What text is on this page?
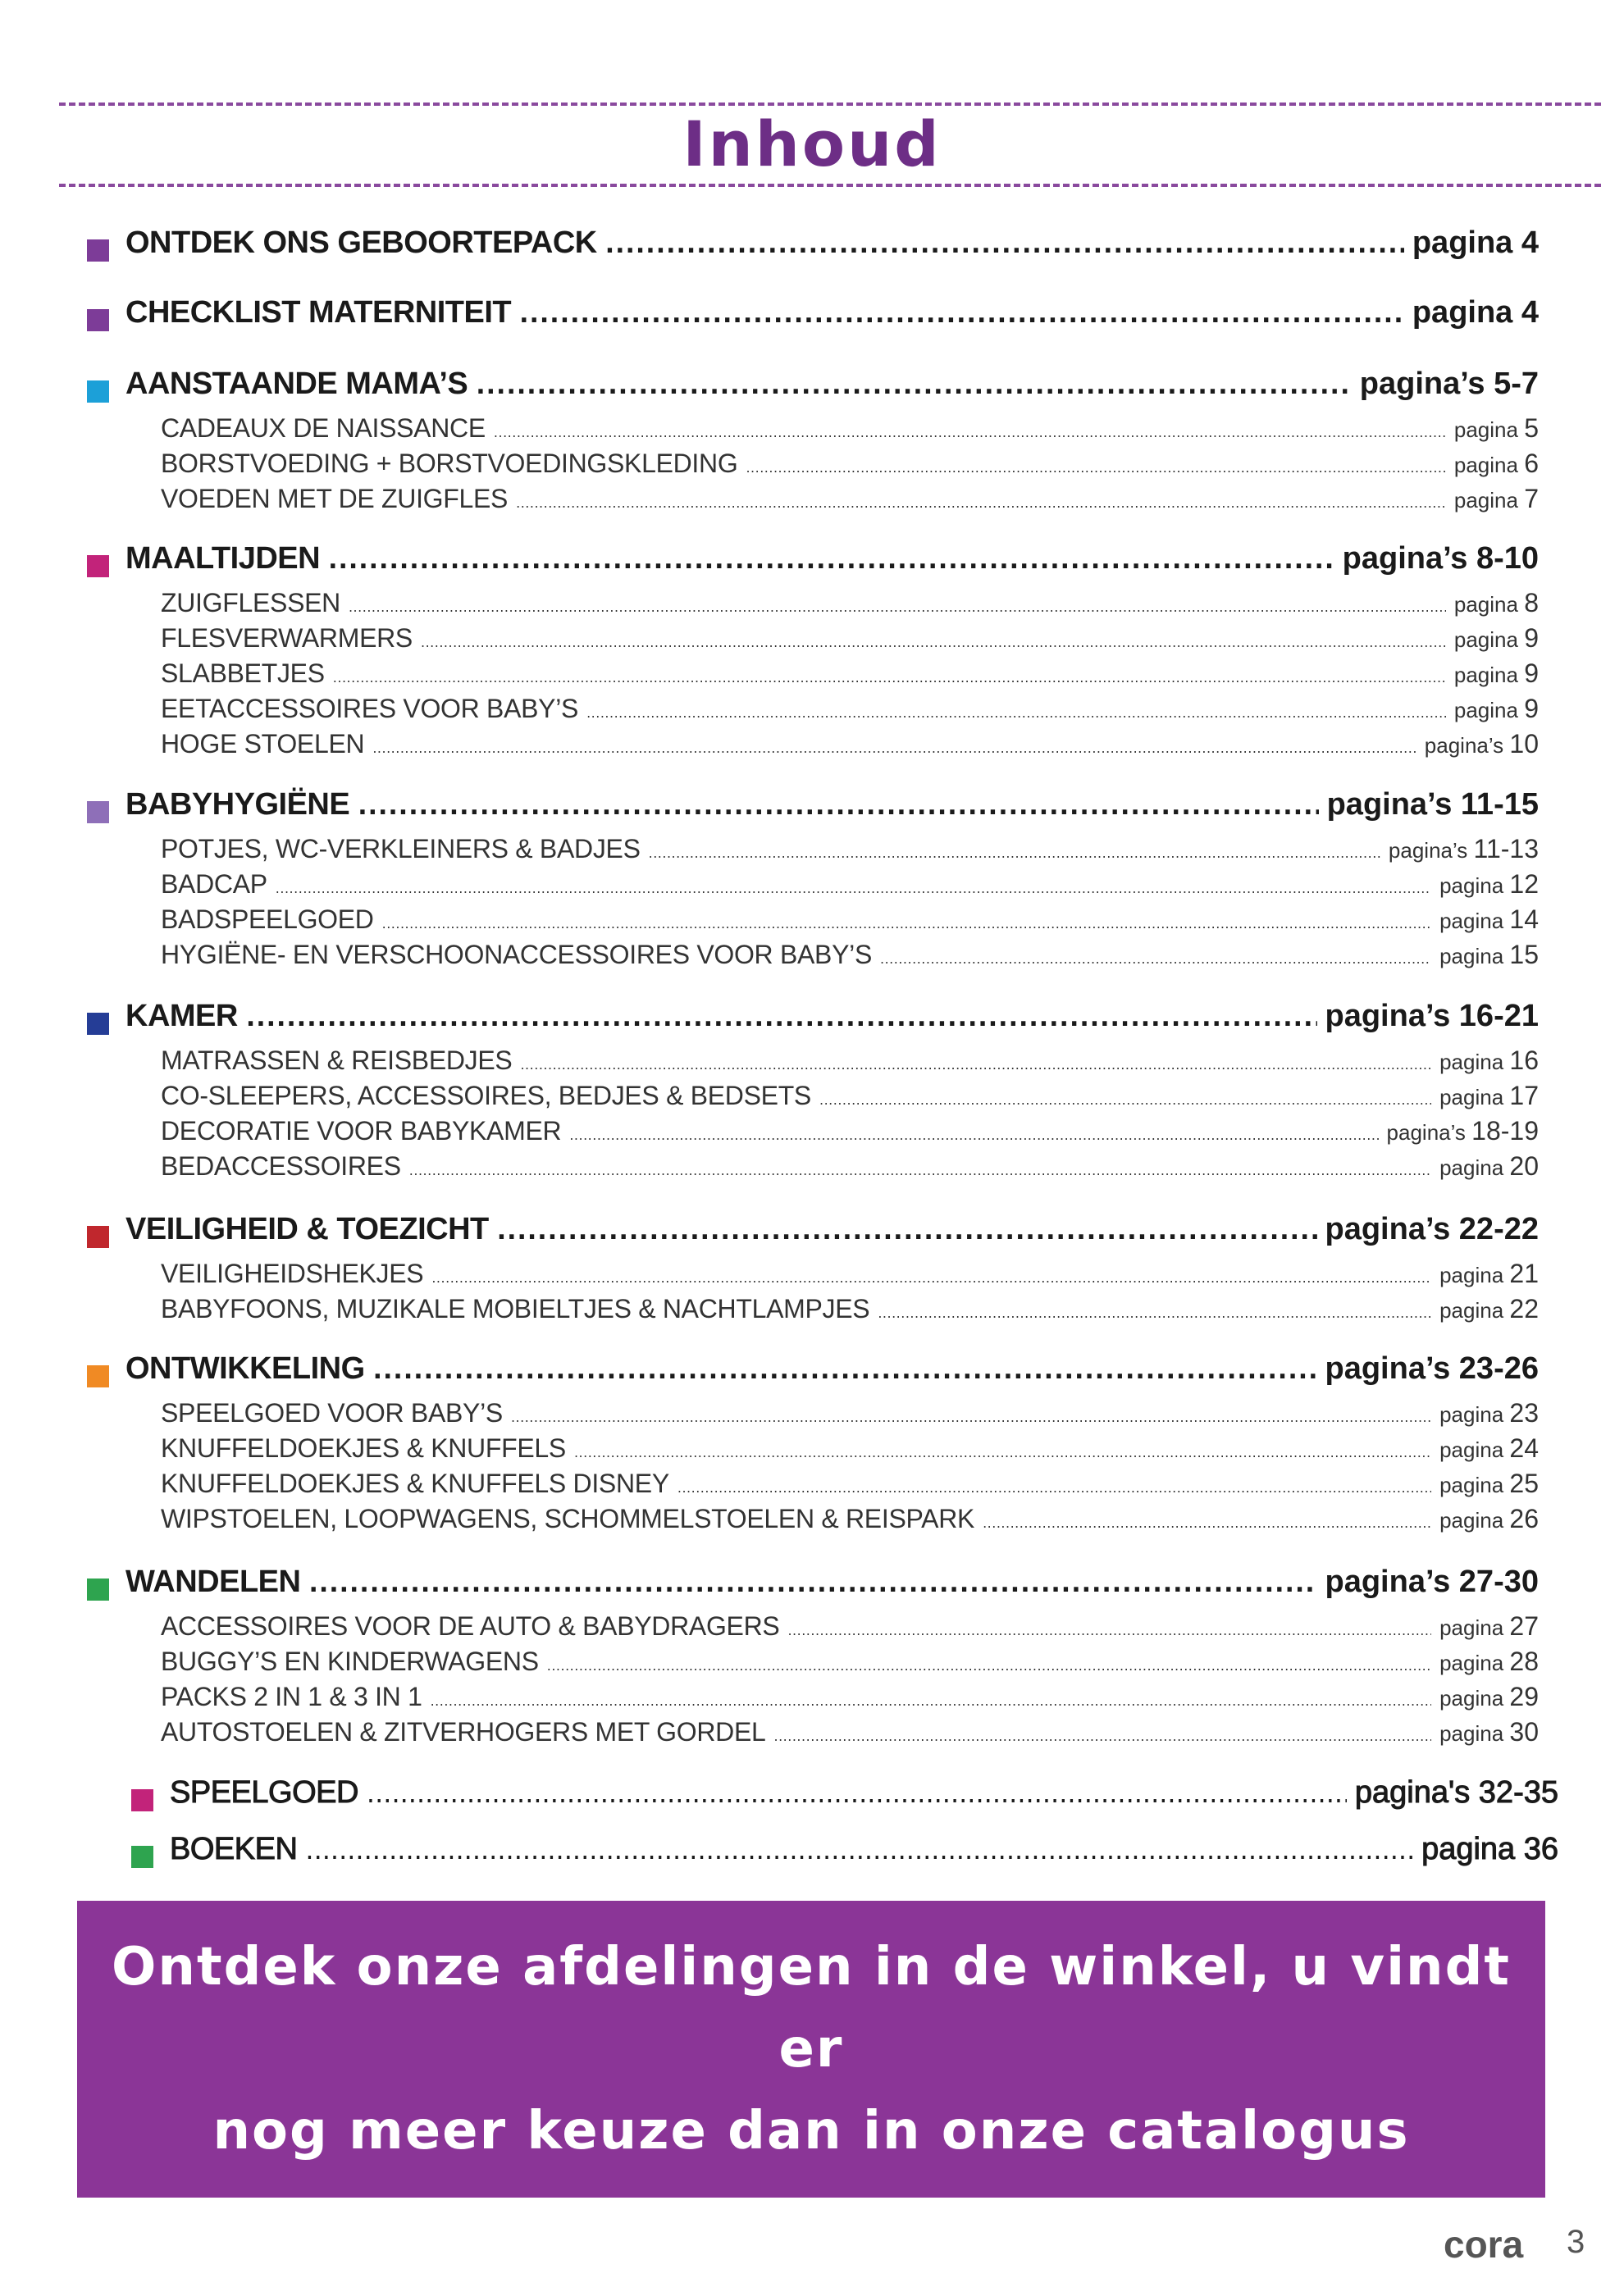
Inhoud
ONTDEK ONS GEBOORTEPACK .....	pagina 4
CHECKLIST MATERNITEIT .....	pagina 4
AANSTAANDE MAMA’S .....	pagina’s 5-7
CADEAUX DE NAISSANCE .....	pagina 5
BORSTVOEDING + BORSTVOEDINGSKLEDING .....	pagina 6
VOEDEN MET DE ZUIGFLES .....	pagina 7
MAALTIJDEN .....	pagina’s 8-10
ZUIGFLESSEN .....	pagina 8
FLESVERWARMERS .....	pagina 9
SLABBETJES .....	pagina 9
EETACCESSOIRES VOOR BABY’S .....	pagina 9
HOGE STOELEN .....	pagina’s 10
BABYHYGIËNE .....	pagina’s 11-15
POTJES, WC-VERKLEINERS & BADJES .....	pagina’s 11-13
BADCAP .....	pagina 12
BADSPEELGOED .....	pagina 14
HYGIËNE- EN VERSCHOONACCESSOIRES VOOR BABY’S .....	pagina 15
KAMER .....	pagina’s 16-21
MATRASSEN & REISBEDJES .....	pagina 16
CO-SLEEPERS, ACCESSOIRES, BEDJES & BEDSETS .....	pagina 17
DECORATIE VOOR BABYKAMER .....	pagina’s 18-19
BEDACCESSOIRES .....	pagina 20
VEILIGHEID & TOEZICHT .....	pagina’s 22-22
VEILIGHEIDSHEKJES .....	pagina 21
BABYFOONS, MUZIKALE MOBIELTJES & NACHTLAMPJES .....	pagina 22
ONTWIKKELING .....	pagina’s 23-26
SPEELGOED VOOR BABY’S .....	pagina 23
KNUFFELDOEKJES & KNUFFELS .....	pagina 24
KNUFFELDOEKJES & KNUFFELS DISNEY .....	pagina 25
WIPSTOELEN, LOOPWAGENS, SCHOMMELSTOELEN & REISPARK .....	pagina 26
WANDELEN .....	pagina’s 27-30
ACCESSOIRES VOOR DE AUTO & BABYDRAGERS .....	pagina 27
BUGGY’S EN KINDERWAGENS .....	pagina 28
PACKS 2 IN 1 & 3 IN 1 .....	pagina 29
AUTOSTOELEN & ZITVERHOGERS MET GORDEL .....	pagina 30
SPEELGOED .....	pagina's 32-35
BOEKEN .....	pagina 36
Ontdek onze afdelingen in de winkel, u vindt er
nog meer keuze dan in onze catalogus
cora 3
